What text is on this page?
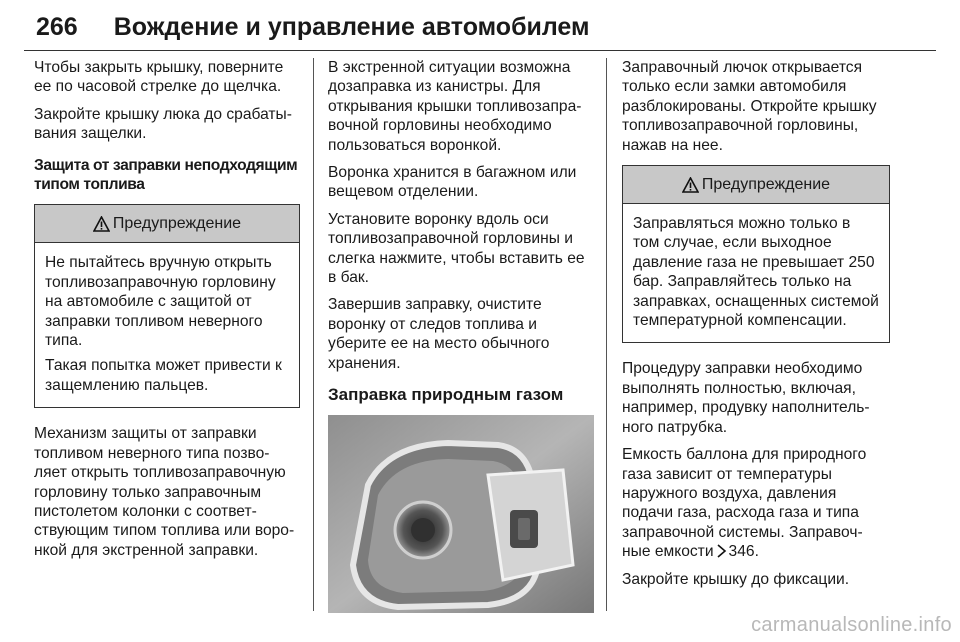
266 Вождение и управление автомобилем

Чтобы закрыть крышку, поверните ее по часовой стрелке до щелчка.

Закройте крышку люка до срабаты-вания защелки.

Защита от заправки неподходящим типом топлива
Предупреждение

Не пытайтесь вручную открыть топливозаправочную горловину на автомобиле с защитой от заправки топливом неверного типа.

Такая попытка может привести к защемлению пальцев.

Механизм защиты от заправки топливом неверного типа позво-ляет открыть топливозаправочную горловину только заправочным пистолетом колонки с соответ-ствующим типом топлива или воро-нкой для экстренной заправки.

В экстренной ситуации возможна дозаправка из канистры. Для открывания крышки топливозапра-вочной горловины необходимо пользоваться воронкой.

Воронка хранится в багажном или вещевом отделении.

Установите воронку вдоль оси топливозаправочной горловины и слегка нажмите, чтобы вставить ее в бак.

Завершив заправку, очистите воронку от следов топлива и уберите ее на место обычного хранения.

Заправка природным газом

Заправочный лючок открывается только если замки автомобиля разблокированы. Откройте крышку топливозаправочной горловины, нажав на нее.

Предупреждение

Заправляться можно только в том случае, если выходное давление газа не превышает 250 бар. Заправляйтесь только на заправках, оснащенных системой температурной компенсации.

Процедуру заправки необходимо выполнять полностью, включая, например, продувку наполнитель-ного патрубка.

Емкость баллона для природного газа зависит от температуры наружного воздуха, давления подачи газа, расхода газа и типа заправочной системы. Заправоч-ные емкости 346.

Закройте крышку до фиксации.

carmanualsonline.info
